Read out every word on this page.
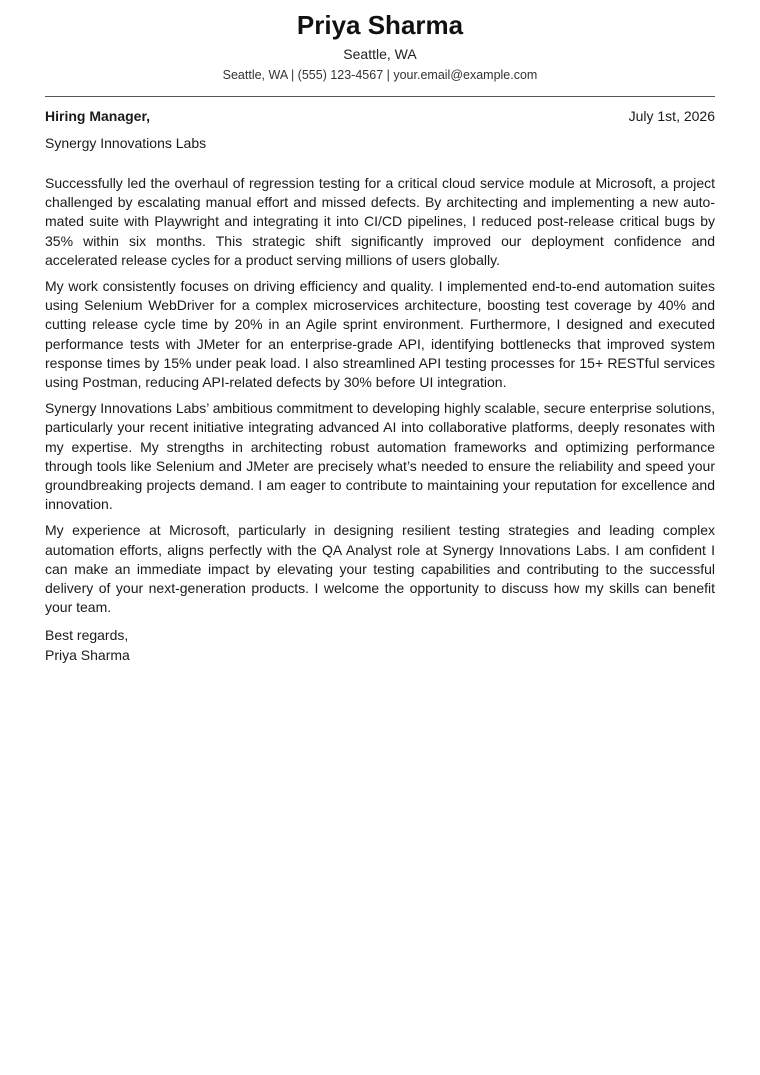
Priya Sharma
Seattle, WA
Seattle, WA | (555) 123-4567 | your.email@example.com
Hiring Manager,	July 1st, 2026
Synergy Innovations Labs

Successfully led the overhaul of regression testing for a critical cloud service module at Microsoft, a project challenged by escalating manual effort and missed defects. By architecting and implementing a new automated suite with Playwright and integrating it into CI/CD pipelines, I reduced post-release critical bugs by 35% within six months. This strategic shift significantly improved our deployment confidence and accelerated release cycles for a product serving millions of users globally.

My work consistently focuses on driving efficiency and quality. I implemented end-to-end automation suites using Selenium WebDriver for a complex microservices architecture, boosting test coverage by 40% and cutting release cycle time by 20% in an Agile sprint environment. Furthermore, I designed and executed performance tests with JMeter for an enterprise-grade API, identifying bottlenecks that improved system response times by 15% under peak load. I also streamlined API testing processes for 15+ RESTful services using Postman, reducing API-related defects by 30% before UI integration.

Synergy Innovations Labs’ ambitious commitment to developing highly scalable, secure enterprise solutions, particularly your recent initiative integrating advanced AI into collaborative platforms, deeply resonates with my expertise. My strengths in architecting robust automation frameworks and optimizing performance through tools like Selenium and JMeter are precisely what’s needed to ensure the reliability and speed your groundbreaking projects demand. I am eager to contribute to maintaining your reputation for excellence and innovation.

My experience at Microsoft, particularly in designing resilient testing strategies and leading complex automation efforts, aligns perfectly with the QA Analyst role at Synergy Innovations Labs. I am confident I can make an immediate impact by elevating your testing capabilities and contributing to the successful delivery of your next-generation products. I welcome the opportunity to discuss how my skills can benefit your team.

Best regards,
Priya Sharma
